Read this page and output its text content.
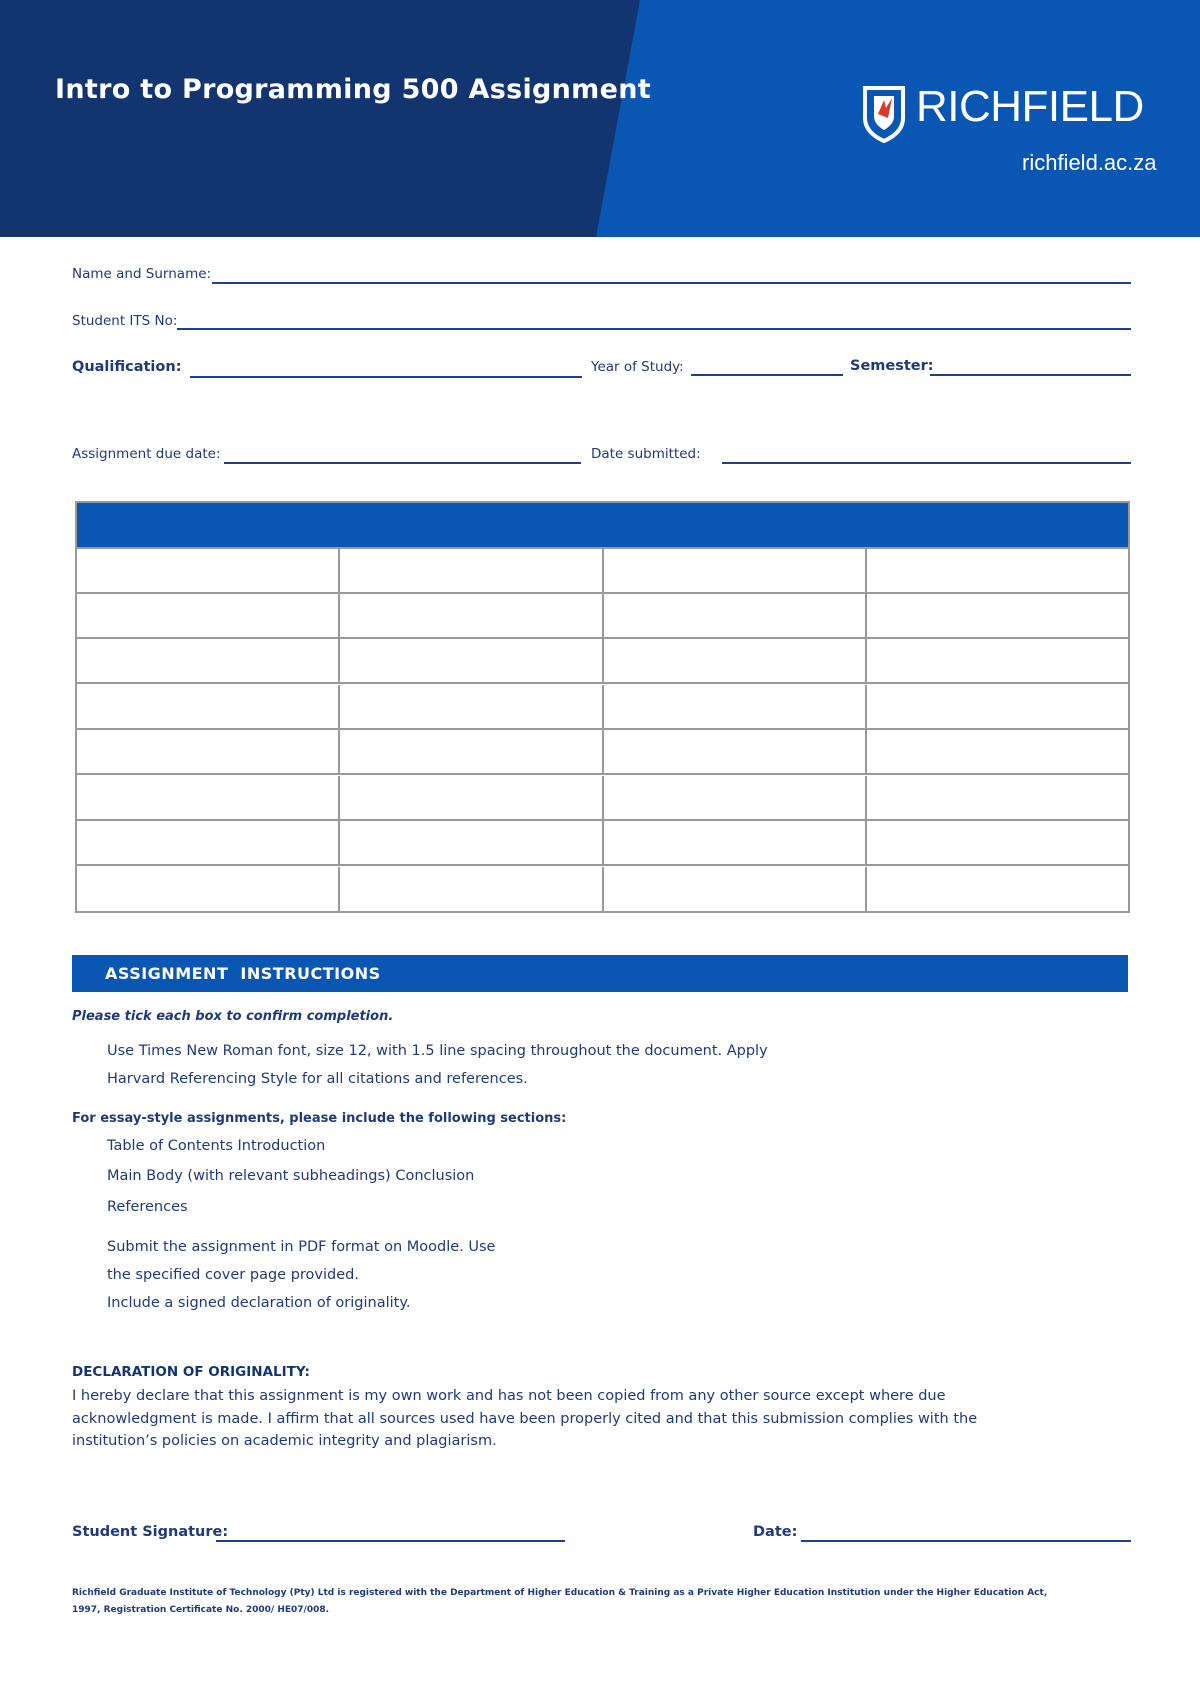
Intro to Programming 500 Assignment	RICHFIELD
richfield.ac.za
Name and Surname:
Student ITS No:
Qualification:	Year of Study:	Semester:
Assignment due date:	Date submitted:
ASSIGNMENT INSTRUCTIONS
Please tick each box to confirm completion.
Use Times New Roman font, size 12, with 1.5 line spacing throughout the document. Apply
Harvard Referencing Style for all citations and references.
For essay-style assignments, please include the following sections:
Table of Contents Introduction
Main Body (with relevant subheadings) Conclusion
References
Submit the assignment in PDF format on Moodle. Use
the specified cover page provided.
Include a signed declaration of originality.
DECLARATION OF ORIGINALITY:
I hereby declare that this assignment is my own work and has not been copied from any other source except where due acknowledgment is made. I affirm that all sources used have been properly cited and that this submission complies with the institution’s policies on academic integrity and plagiarism.
Student Signature:	Date:
Richfield Graduate Institute of Technology (Pty) Ltd is registered with the Department of Higher Education & Training as a Private Higher Education Institution under the Higher Education Act, 1997, Registration Certificate No. 2000/ HE07/008.
